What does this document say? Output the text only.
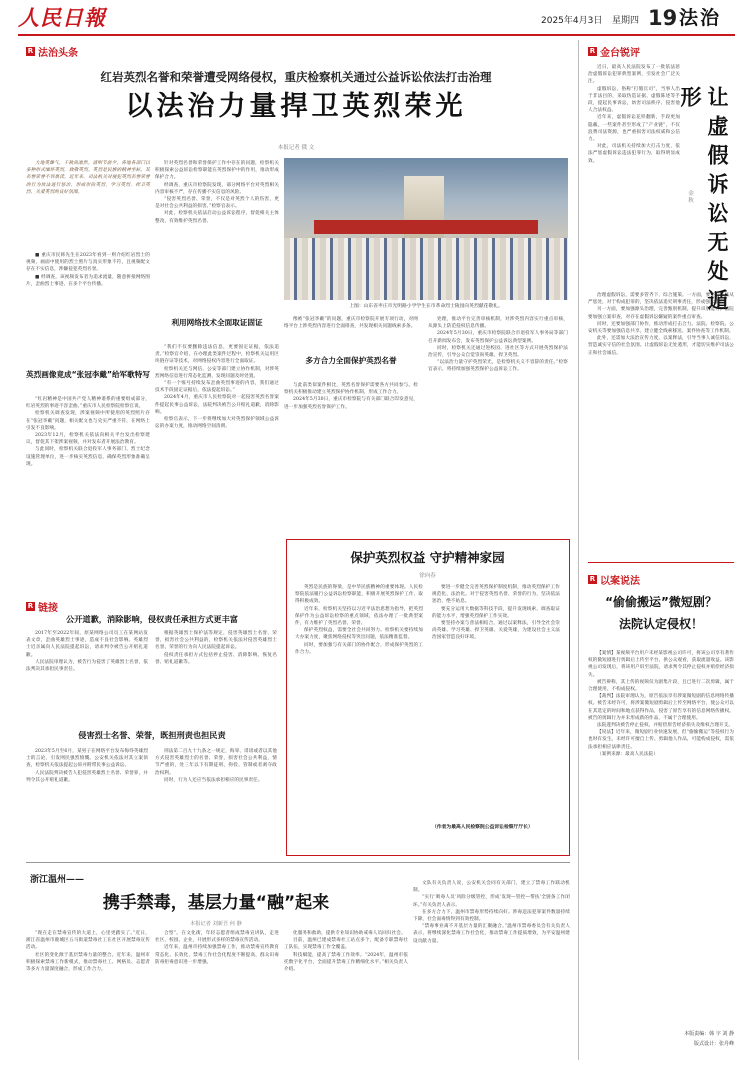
人民日報	2025年4月3日 星期四 19 法治
R 法治头条
红岩英烈名誉和荣誉遭受网络侵权，重庆检察机关通过公益诉讼依法打击治理
以法治力量捍卫英烈荣光
本报记者 俄 文

大地英雄气，千秋尚凛然。清明节前夕，各地各部门以多种形式缅怀英烈，致敬英烈。英烈是民族的精神坐标，其名誉荣誉不容亵渎。近年来，司法机关对侵犯英烈名誉荣誉的行为依法进行惩治，形成崇尚英烈、学习英烈、捍卫英烈、关爱英烈的良好氛围。

■ 重庆市民韩先生在2023年看到一则介绍红岩烈士的视频，画面中使用的烈士照片与真实形象不符，且视频配文存在不实信息，涉嫌侵犯英烈名誉。

■ 经调查，该视频发布者为追求流量，随意拼接网络图片，歪曲烈士事迹，在多个平台传播。

英烈画像竟成“张冠李戴”给军歌特写

“红岩精神是中国共产党人精神谱系的重要组成部分，红岩英烈的事迹不容歪曲。”重庆市人民检察院检察官说。

检察机关调查发现，涉案视频中所使用的英烈照片存在“张冠李戴”问题，相关配文也与史实严重不符，在网络上引发不良影响。

2023年12月，检察机关依法向相关平台发出检察建议，督促其下架涉案视频，并对发布者开展法治教育。

与此同时，检察机关联合退役军人事务部门、烈士纪念设施管理单位，进一步核实英烈信息，确保英烈形象准确呈现。

针对英烈名誉和荣誉保护工作中存在的问题，检察机关积极探索公益诉讼检察职能在英烈保护中的作用，推动形成保护合力。

经调查，重庆市检察院发现，部分网络平台对英烈相关内容审核不严，存在传播不实信息的风险。

“侵害英烈名誉、荣誉，不仅是对英烈个人的伤害，更是对社会公共利益的损害。”检察官表示。

对此，检察机关依法启动公益诉讼程序，督促相关主体整改，有效维护英烈名誉。

利用网络技术全面取证固证

“我们不仅要删除违法信息，更要固定证据，依法追责。”检察官介绍，在办理此类案件过程中，检察机关运用区块链存证等技术，对网络侵权内容进行全面取证。

检察机关还与网信、公安等部门建立协作机制，对涉英烈网络信息进行常态化监测，发现问题及时处置。

“有一个账号持续发布歪曲英烈事迹的内容，我们通过技术手段固定证据后，依法提起诉讼。”

2024年4月，重庆市人民检察院对一起侵害英烈名誉案件提起民事公益诉讼，法院判决被告公开赔礼道歉，消除影响。

检察官表示，下一步将继续加大对英烈保护领域公益诉讼的办案力度，推动网络空间清朗。

上图：山东省枣庄市光明路小学学生在市革命烈士陵园向英烈献花敬礼。

像被“张冠李戴”的问题，重庆市检察院开展专项行动，对网络平台上涉英烈内容进行全面排查，共发现相关问题线索多条。

多方合力全面保护英烈名誉

与此前类似案件相比，英烈名誉保护需要各方共同参与。检察机关积极推动建立英烈保护协作机制，形成工作合力。

2024年5月30日，重庆市检察院与有关部门联合印发意见，进一步加强英烈名誉保护工作。

处理，推动平台完善审核机制，对涉英烈内容实行重点审核，从源头上防范侵权信息传播。

2024年5月30日，重庆市检察院联合市退役军人事务局等部门召开新闻发布会，发布英烈保护公益诉讼典型案例。

同时，检察机关还通过进校园、进社区等方式开展英烈保护法治宣传，引导公众自觉崇尚英雄、捍卫英烈。

“以法治力量守护英烈荣光，是检察机关义不容辞的责任。”检察官表示，将持续加强英烈保护公益诉讼工作。

保护英烈权益 守护精神家园
徐向春

英烈是民族的脊梁，是中华民族精神的重要体现。人民检察院依法履行公益诉讼检察职能，积极开展英烈保护工作，取得积极成效。

近年来，检察机关坚持以习近平法治思想为指导，把英烈保护作为公益诉讼检察的重点领域，依法办理了一批典型案件，有力维护了英烈名誉、荣誉。

保护英烈权益，需要全社会共同努力。检察机关要持续加大办案力度，聚焦网络侵权等突出问题，依法精准监督。

同时，要加强与有关部门的协作配合，形成保护英烈的工作合力。

要进一步健全完善英烈保护制度机制，推动英烈保护工作规范化、法治化。对于侵害英烈名誉、荣誉的行为，坚决依法惩治，绝不姑息。

要充分运用大数据等科技手段，提升发现线索、调查取证的能力水平，增强英烈保护工作实效。

要坚持办案与普法相结合，通过以案释法，引导全社会崇尚英雄、学习英雄、捍卫英雄、关爱英雄，为建设社会主义法治国家营造良好环境。

（作者为最高人民检察院公益诉讼检察厅厅长）
R 链接
公开道歉，消除影响，侵权责任承担方式更丰富

2017年至2022年间，原某网络公司员工在某网站发表文章，歪曲英雄烈士事迹，造成不良社会影响。英雄烈士近亲属向人民法院提起诉讼，请求判令被告公开赔礼道歉。

人民法院审理认为，被告行为侵害了英雄烈士名誉，依法判决其承担民事责任。

根据英雄烈士保护法等规定，侵害英雄烈士名誉、荣誉，损害社会公共利益的，检察机关依法对侵害英雄烈士名誉、荣誉的行为向人民法院提起诉讼。

侵权责任承担方式包括停止侵害、消除影响、恢复名誉、赔礼道歉等。

侵害烈士名誉、荣誉，既担刑责也担民责

2023年5月至6月，某男子在网络平台发布侮辱英雄烈士的言论，引发网民强烈愤慨。公安机关依法对其立案侦查，检察机关依法提起公诉并附带民事公益诉讼。

人民法院判决被告人犯侵害英雄烈士名誉、荣誉罪，并判令其公开赔礼道歉。

刑法第二百九十九条之一规定，侮辱、诽谤或者以其他方式侵害英雄烈士的名誉、荣誉，损害社会公共利益，情节严重的，处三年以下有期徒刑、拘役、管制或者剥夺政治权利。

同时，行为人还应当依法承担相应的民事责任。

浙江温州——
携手禁毒，基层力量“融”起来
本报记者 刘新吾 何 静

“现在走在禁毒宣传的大道上，心里更踏实了。”近日，浙江省温州市鹿城区五马街道禁毒社工在社区开展禁毒宣传活动。

社区的变化源于基层禁毒力量的整合。近年来，温州市积极探索禁毒工作新模式，推动禁毒社工、网格员、志愿者等多方力量深度融合，形成工作合力。

合型”。在文化街，年轻志愿者组成禁毒宣讲队，走进社区、校园、企业，开展形式多样的禁毒宣传活动。

近年来，温州市持续加强禁毒工作，推动禁毒宣传教育常态化、长效化，禁毒工作社会化程度不断提高，群众识毒防毒拒毒意识进一步增强。

化服务和救助，提供专业知识协助戒毒人员回归社会。

目前，温州已建成禁毒社工站点多个，配备专职禁毒社工队伍，实现禁毒工作全覆盖。

科技赋能，提高了禁毒工作效率。“2024年，温州市依托数字化平台，全面提升禁毒工作精细化水平。”相关负责人介绍。

文队有关负责人说，公安机关会同有关部门，建立了禁毒工作联动机制。

“实行‘吸毒人员’风险分级管控，形成‘发现—管控—帮扶’全链条工作闭环。”有关负责人表示。

在多方合力下，温州市禁毒形势持续向好。涉毒违法犯罪案件数量持续下降，社会面毒情得到有效控制。

“禁毒事业离不开基层力量的汇聚融合。”温州市禁毒委员会有关负责人表示，将继续深化禁毒工作社会化，推动禁毒工作提质增效，为平安温州建设贡献力量。

R 金台锐评

近日，最高人民法院发布了一批依法惩治虚假诉讼犯罪典型案例，引发社会广泛关注。

虚假诉讼，俗称“打假官司”，当事人出于非法目的，采取伪造证据、虚假陈述等手段，提起民事诉讼，妨害司法秩序、侵害他人合法权益。

近年来，虚假诉讼花样翻新，手段更加隐蔽，一些案件甚至形成了“产业链”，不仅浪费司法资源，也严重损害司法权威和公信力。

对此，司法机关持续加大打击力度，依法严惩虚假诉讼违法犯罪行为，取得明显成效。

金 秋 让虚假诉讼无处遁形

治理虚假诉讼，需要多管齐下、综合施策。一方面，要坚持依法从严惩处，对于构成犯罪的，坚决依法追究刑事责任，形成强大震慑。

另一方面，要加强源头治理，完善甄别机制，提升识别能力。法院要加强立案审查，对存在虚假诉讼嫌疑的案件重点审查。

同时，还要加强部门协作，推动形成打击合力。法院、检察院、公安机关等要加强信息共享，建立健全线索移送、案件协查等工作机制。

此外，还需加大法治宣传力度，以案释法，引导当事人诚信诉讼，营造诚实守信的社会氛围。让虚假诉讼无处遁形，才能切实维护司法公正和社会诚信。

R 以案说法
“偷偷搬运”微短剧？
法院认定侵权！

【案情】某视频平台用户未经某影视公司许可，将该公司享有著作权的微短剧进行剪辑后上传至平台，供公众观看，获取流量收益。该影视公司发现后，将该用户诉至法院，请求判令其停止侵权并赔偿经济损失。

被告辩称，其上传的视频仅为剧集片段，且已进行二次剪辑，属于合理使用，不构成侵权。

【裁判】法院审理认为，原告依法享有涉案微短剧的信息网络传播权。被告未经许可，将涉案微短剧剪辑后上传至网络平台，使公众可以在其选定的时间和地点获得作品，侵害了原告享有的信息网络传播权。被告的剪辑行为并未形成新的作品，不属于合理使用。

法院遂判决被告停止侵权，并赔偿原告经济损失及维权合理开支。

【说法】近年来，微短剧行业快速发展，但“偷偷搬运”等侵权行为也时有发生。未经许可擅自上传、剪辑他人作品，可能构成侵权，需依法承担相应法律责任。

（案例来源：最高人民法院）

本版责编：韩 宇 刘 静
版式设计：张丹峰
